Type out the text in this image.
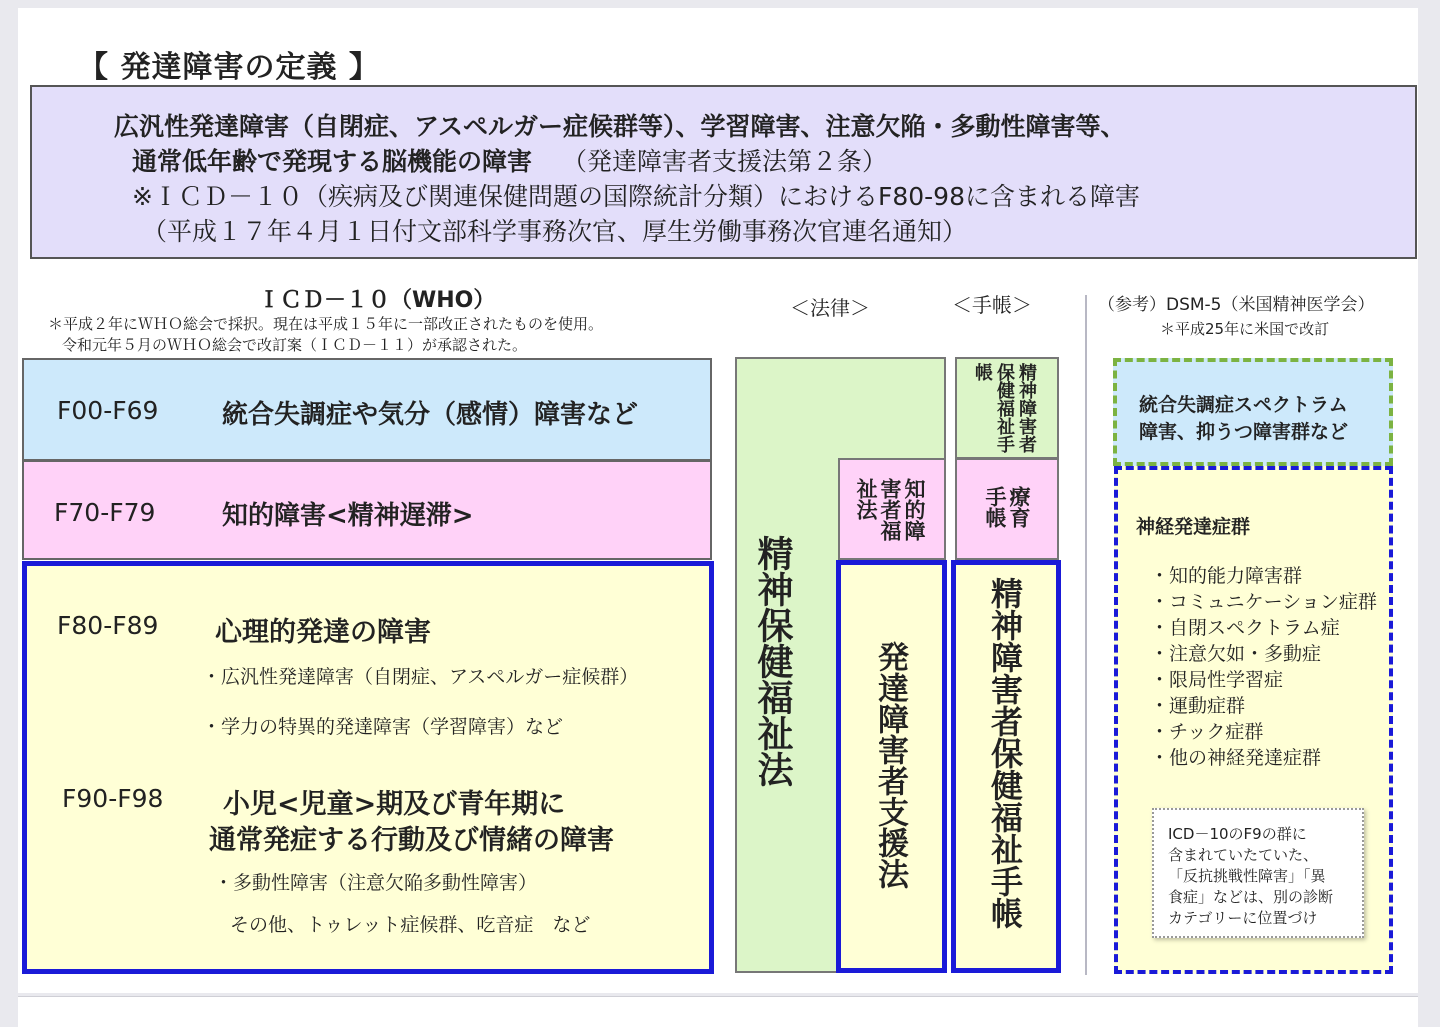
【 発達障害の定義 】
広汎性発達障害（自閉症、アスペルガー症候群等）、学習障害、注意欠陥・多動性障害等、
通常低年齢で発現する脳機能の障害 （発達障害者支援法第２条）
※ＩＣＤ－１０（疾病及び関連保健問題の国際統計分類）におけるF80-98に含まれる障害
（平成１７年４月１日付文部科学事務次官、厚生労働事務次官連名通知）
ＩＣＤ－１０（WHO）
＊平成２年にＷＨＯ総会で採択。現在は平成１５年に一部改正されたものを使用。
令和元年５月のＷＨＯ総会で改訂案（ＩＣＤ－１１）が承認された。
＜法律＞	＜手帳＞	（参考）DSM-5（米国精神医学会）
＊平成25年に米国で改訂
F00-F69 統合失調症や気分（感情）障害など
F70-F79	知的障害<精神遅滞>
F80-F89 心理的発達の障害
・広汎性発達障害（自閉症、アスペルガー症候群）
・学力の特異的発達障害（学習障害）など
F90-F98 小児<児童>期及び青年期に
通常発症する行動及び情緒の障害
・多動性障害（注意欠陥多動性障害）
その他、トゥレット症候群、吃音症　など
精神保健福祉法
知的障害者福祉法
発達障害者支援法
精神障害者保健福祉手帳
療育手帳
精神障害者保健福祉手帳
統合失調症スペクトラム
障害、抑うつ障害群など
神経発達症群
・知的能力障害群
・コミュニケーション症群
・自閉スペクトラム症
・注意欠如・多動症
・限局性学習症
・運動症群
・チック症群
・他の神経発達症群
ICD－10のF9の群に
含まれていたていた、
「反抗挑戦性障害」「異
食症」などは、別の診断
カテゴリーに位置づけ
